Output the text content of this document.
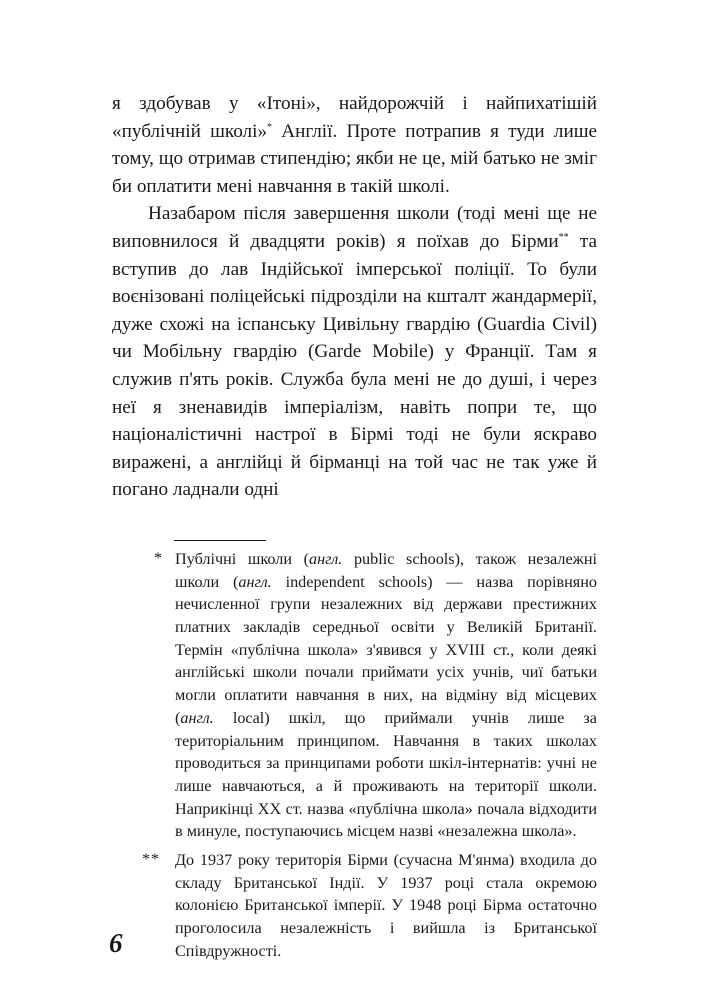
я здобував у «Ітоні», найдорожчій і найпихатішій «публічній школі»* Англії. Проте потрапив я туди лише тому, що отримав стипендію; якби не це, мій батько не зміг би оплатити мені навчання в такій школі.

Назабаром після завершення школи (тоді мені ще не виповнилося й двадцяти років) я поїхав до Бірми** та вступив до лав Індійської імперської поліції. То були воєнізовані поліцейські підрозділи на кшталт жандармерії, дуже схожі на іспанську Цивільну гвардію (Guardia Civil) чи Мобільну гвардію (Garde Mobile) у Франції. Там я служив п'ять років. Служба була мені не до душі, і через неї я зненавидів імперіалізм, навіть попри те, що націоналістичні настрої в Бірмі тоді не були яскраво виражені, а англійці й бірманці на той час не так уже й погано ладнали одні

* Публічні школи (англ. public schools), також незалежні школи (англ. independent schools) — назва порівняно нечисленної групи незалежних від держави престижних платних закладів середньої освіти у Великій Британії. Термін «публічна школа» з'явився у XVIII ст., коли деякі англійські школи почали приймати усіх учнів, чиї батьки могли оплатити навчання в них, на відміну від місцевих (англ. local) шкіл, що приймали учнів лише за територіальним принципом. Навчання в таких школах проводиться за принципами роботи шкіл-інтернатів: учні не лише навчаються, а й проживають на території школи. Наприкінці XX ст. назва «публічна школа» почала відходити в минуле, поступаючись місцем назві «незалежна школа».
** До 1937 року територія Бірми (сучасна М'янма) входила до складу Британської Індії. У 1937 році стала окремою колонією Британської імперії. У 1948 році Бірма остаточно проголосила незалежність і вийшла із Британської Співдружності.
6
